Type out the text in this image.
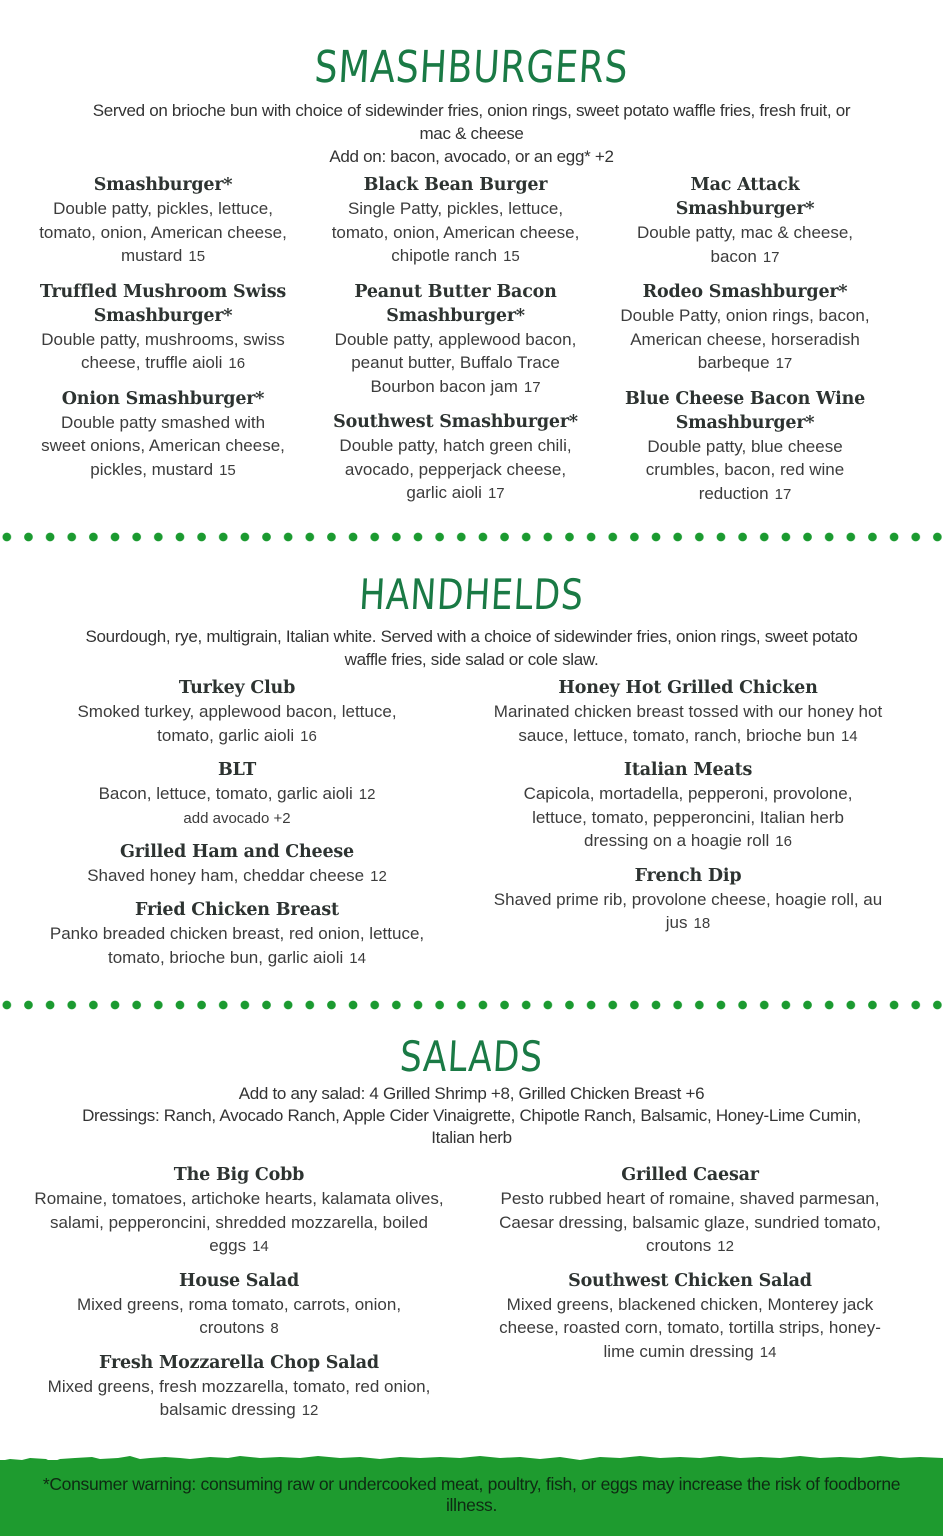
SMASHBURGERS
Served on brioche bun with choice of sidewinder fries, onion rings, sweet potato waffle fries, fresh fruit, or
mac & cheese
Add on: bacon, avocado, or an egg* +2
Smashburger*
Double patty, pickles, lettuce, tomato, onion, American cheese, mustard 15
Truffled Mushroom Swiss Smashburger*
Double patty, mushrooms, swiss cheese, truffle aioli 16
Onion Smashburger*
Double patty smashed with sweet onions, American cheese, pickles, mustard 15
Black Bean Burger
Single Patty, pickles, lettuce, tomato, onion, American cheese, chipotle ranch 15
Peanut Butter Bacon Smashburger*
Double patty, applewood bacon, peanut butter, Buffalo Trace Bourbon bacon jam 17
Southwest Smashburger*
Double patty, hatch green chili, avocado, pepperjack cheese, garlic aioli 17
Mac Attack Smashburger*
Double patty, mac & cheese, bacon 17
Rodeo Smashburger*
Double Patty, onion rings, bacon, American cheese, horseradish barbeque 17
Blue Cheese Bacon Wine Smashburger*
Double patty, blue cheese crumbles, bacon, red wine reduction 17
HANDHELDS
Sourdough, rye, multigrain, Italian white. Served with a choice of sidewinder fries, onion rings, sweet potato
waffle fries, side salad or cole slaw.
Turkey Club
Smoked turkey, applewood bacon, lettuce, tomato, garlic aioli 16
BLT
Bacon, lettuce, tomato, garlic aioli 12
add avocado +2
Grilled Ham and Cheese
Shaved honey ham, cheddar cheese 12
Fried Chicken Breast
Panko breaded chicken breast, red onion, lettuce, tomato, brioche bun, garlic aioli 14
Honey Hot Grilled Chicken
Marinated chicken breast tossed with our honey hot sauce, lettuce, tomato, ranch, brioche bun 14
Italian Meats
Capicola, mortadella, pepperoni, provolone, lettuce, tomato, pepperoncini, Italian herb dressing on a hoagie roll 16
French Dip
Shaved prime rib, provolone cheese, hoagie roll, au jus 18
SALADS
Add to any salad: 4 Grilled Shrimp +8, Grilled Chicken Breast +6
Dressings: Ranch, Avocado Ranch, Apple Cider Vinaigrette, Chipotle Ranch, Balsamic, Honey-Lime Cumin,
Italian herb
The Big Cobb
Romaine, tomatoes, artichoke hearts, kalamata olives, salami, pepperoncini, shredded mozzarella, boiled eggs 14
House Salad
Mixed greens, roma tomato, carrots, onion, croutons 8
Fresh Mozzarella Chop Salad
Mixed greens, fresh mozzarella, tomato, red onion, balsamic dressing 12
Grilled Caesar
Pesto rubbed heart of romaine, shaved parmesan, Caesar dressing, balsamic glaze, sundried tomato, croutons 12
Southwest Chicken Salad
Mixed greens, blackened chicken, Monterey jack cheese, roasted corn, tomato, tortilla strips, honey-lime cumin dressing 14
*Consumer warning: consuming raw or undercooked meat, poultry, fish, or eggs may increase the risk of foodborne illness.
